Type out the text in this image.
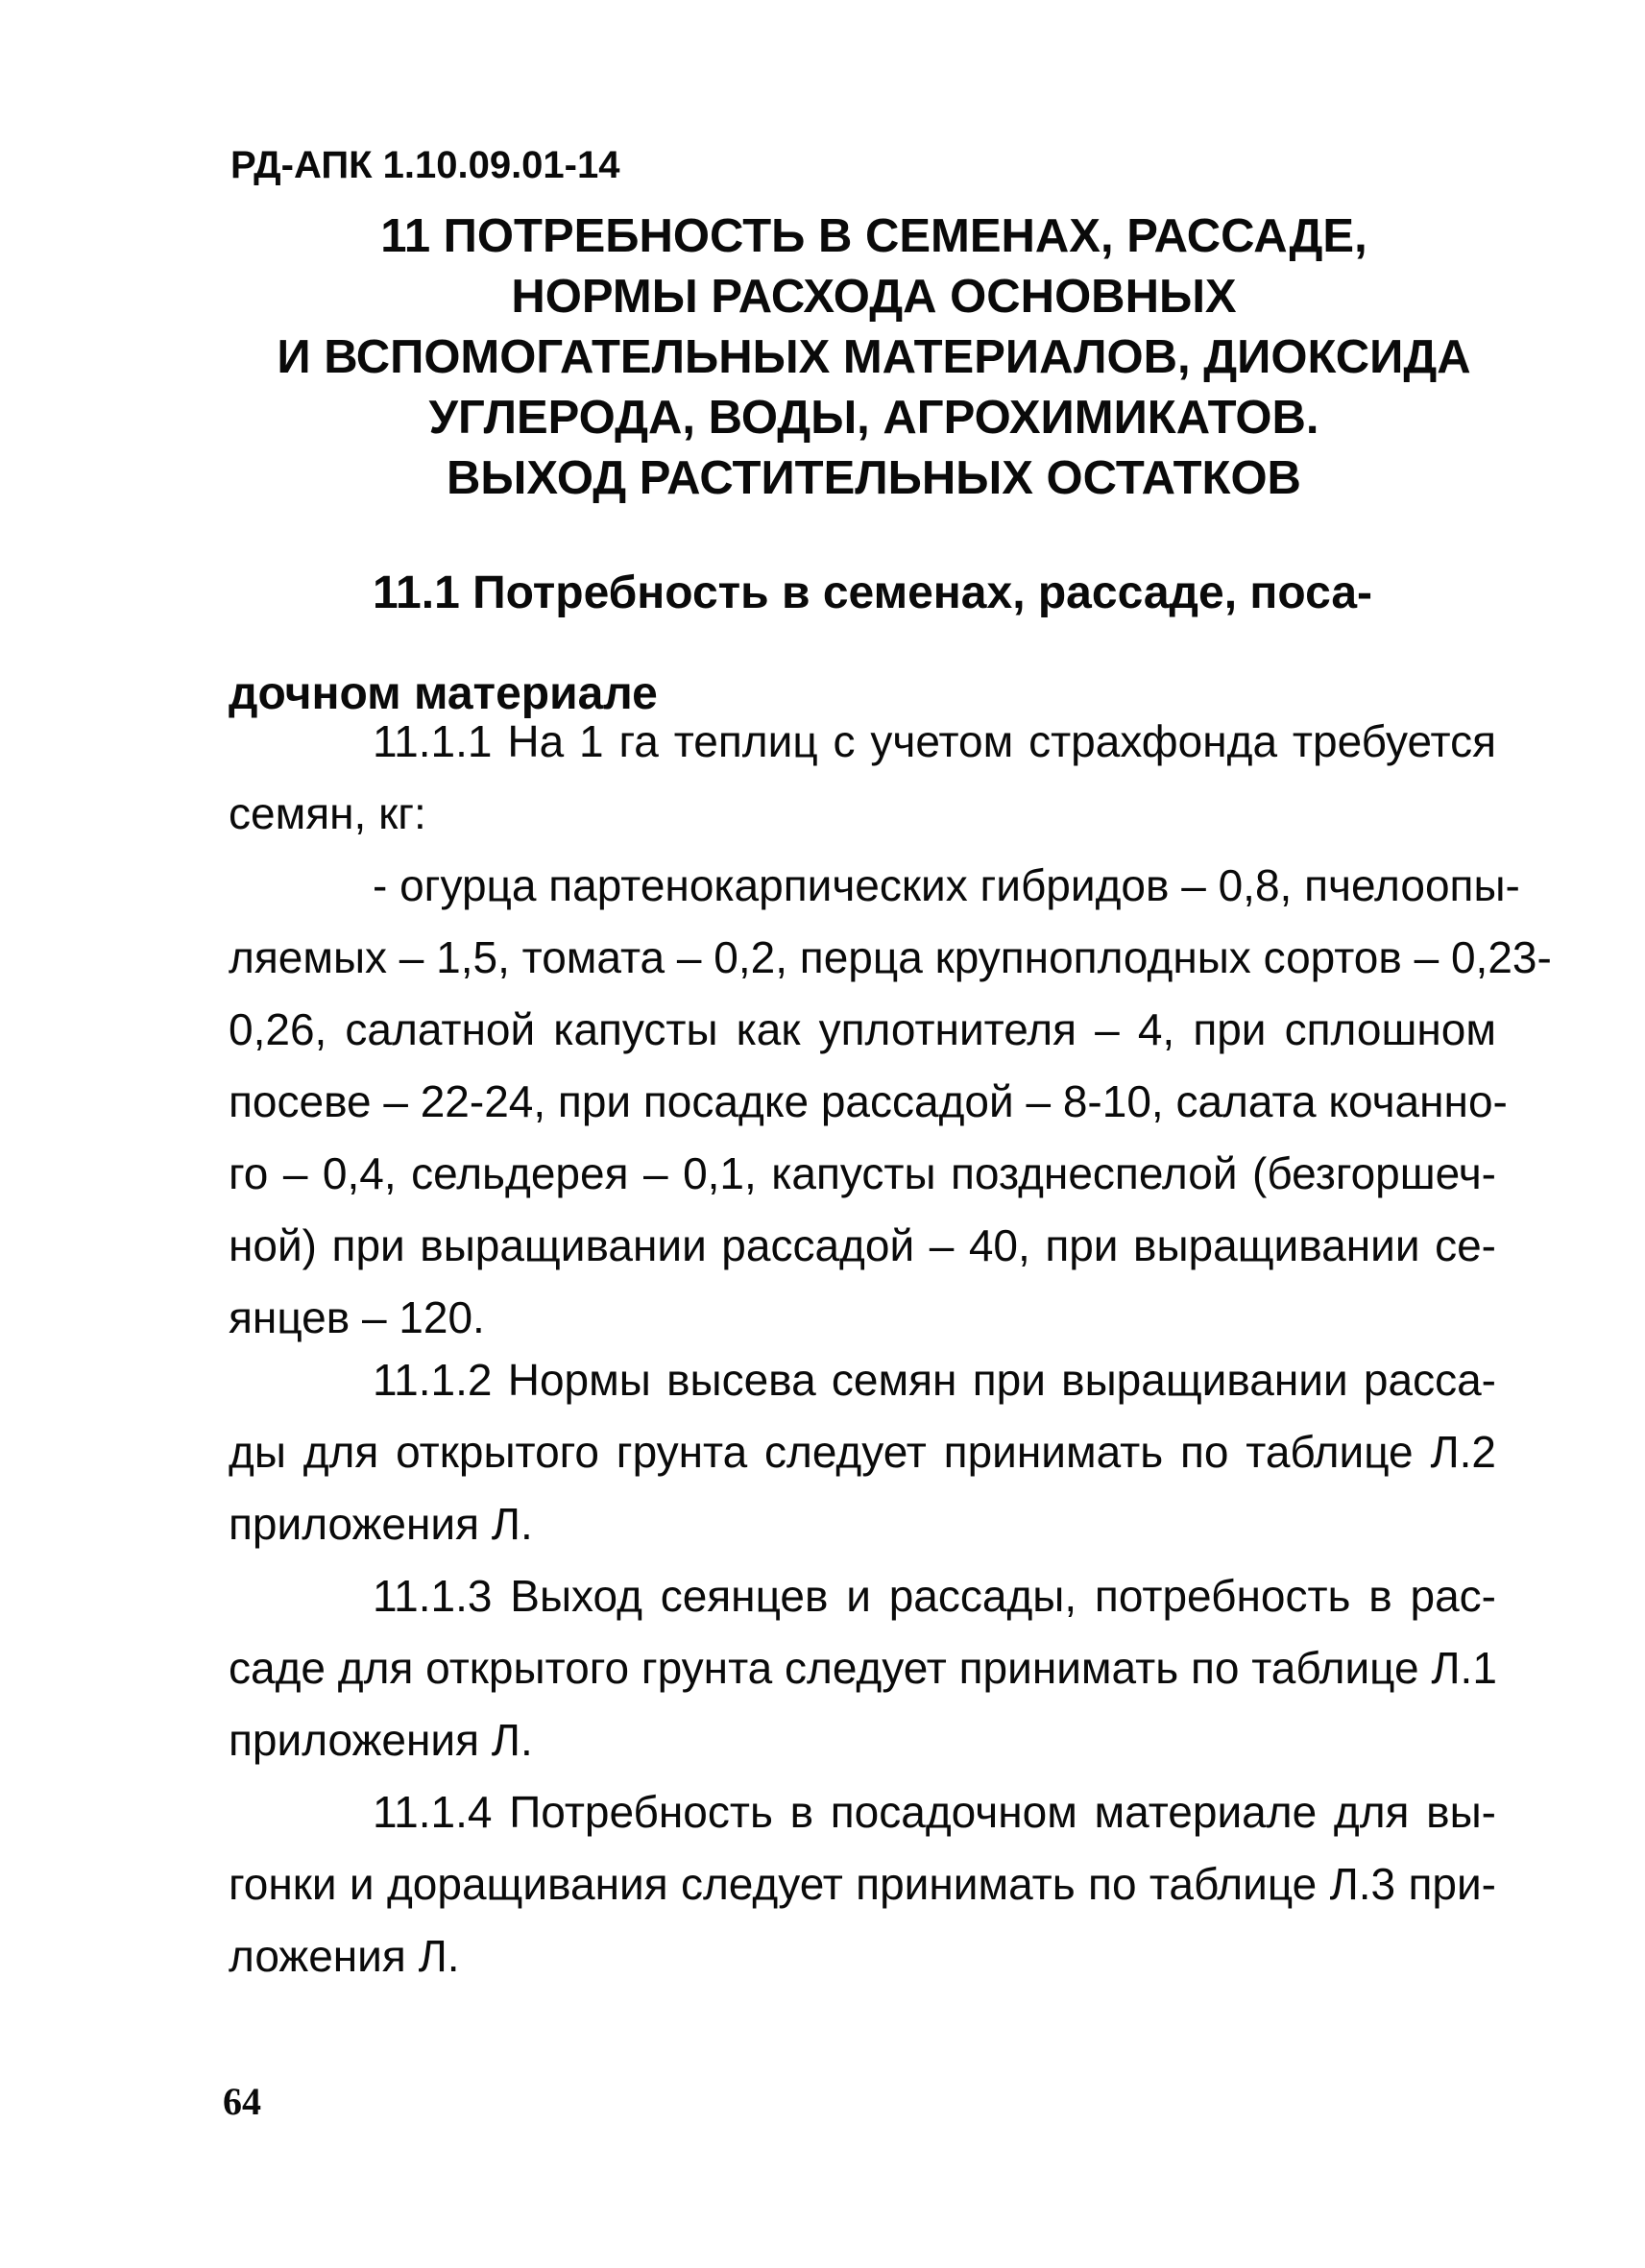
РД-АПК 1.10.09.01-14
11 ПОТРЕБНОСТЬ В СЕМЕНАХ, РАССАДЕ,
НОРМЫ РАСХОДА ОСНОВНЫХ
И ВСПОМОГАТЕЛЬНЫХ МАТЕРИАЛОВ, ДИОКСИДА
УГЛЕРОДА, ВОДЫ, АГРОХИМИКАТОВ.
ВЫХОД РАСТИТЕЛЬНЫХ ОСТАТКОВ
11.1 Потребность в семенах, рассаде, поса-
дочном материале
11.1.1 На 1 га теплиц с учетом страхфонда требуется
семян, кг:
- огурца партенокарпических гибридов – 0,8, пчелоопы-
ляемых – 1,5, томата – 0,2, перца крупноплодных сортов – 0,23-
0,26, салатной капусты как уплотнителя – 4, при сплошном
посеве – 22-24, при посадке рассадой – 8-10, салата кочанно-
го – 0,4, сельдерея – 0,1, капусты позднеспелой (безгоршеч-
ной) при выращивании рассадой – 40, при выращивании се-
янцев – 120.
11.1.2 Нормы высева семян при выращивании расса-
ды для открытого грунта следует принимать по таблице Л.2
приложения Л.
11.1.3 Выход сеянцев и рассады, потребность в рас-
саде для открытого грунта следует принимать по таблице Л.1
приложения Л.
11.1.4 Потребность в посадочном материале для вы-
гонки и доращивания следует принимать по таблице Л.3 при-
ложения Л.
64
